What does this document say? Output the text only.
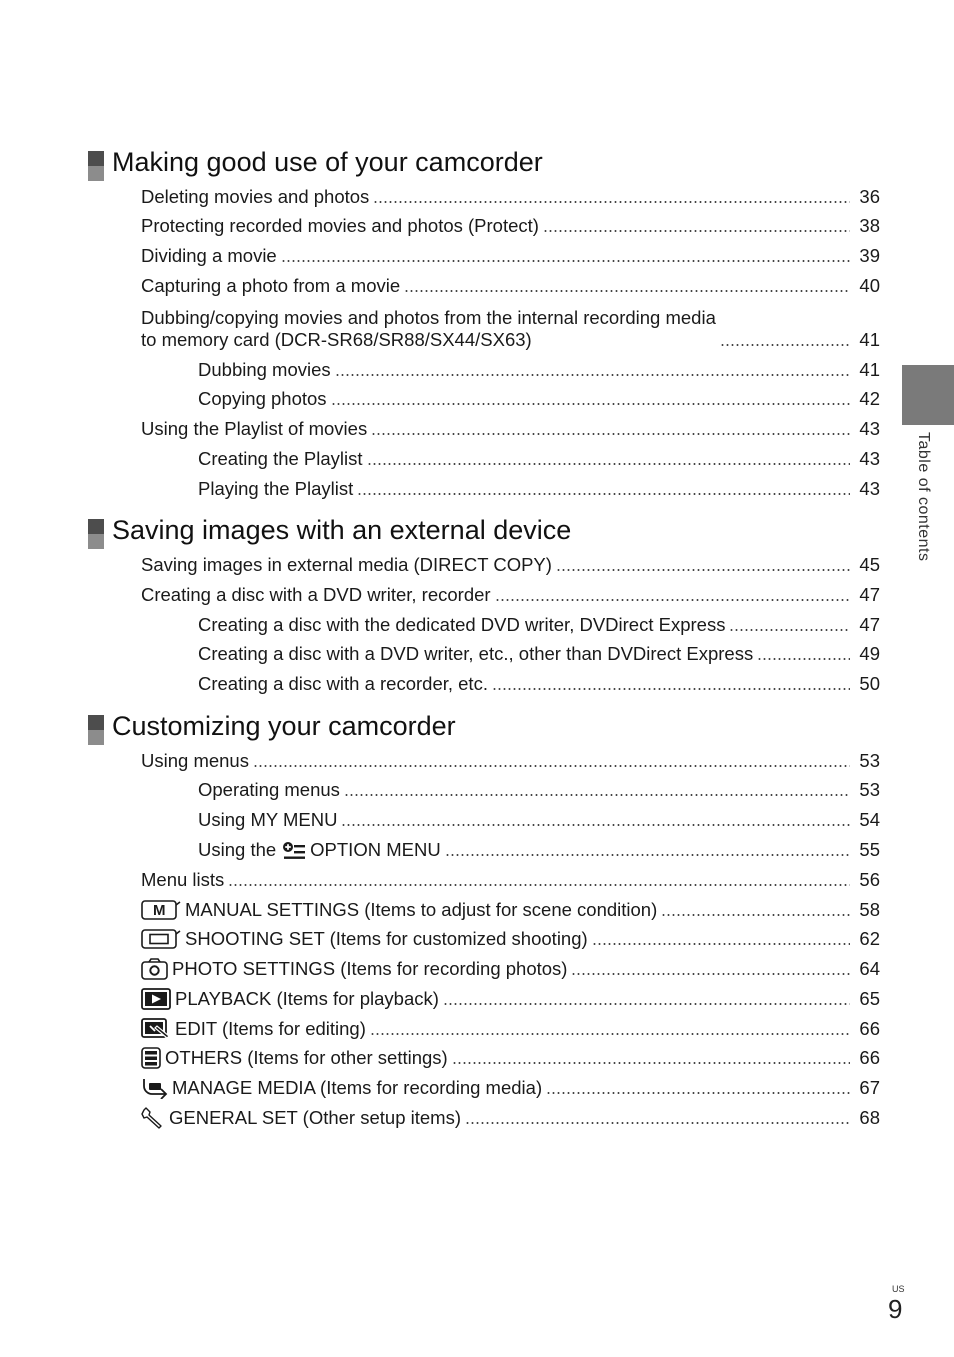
Making good use of your camcorder
Deleting movies and photos	36
Protecting recorded movies and photos (Protect)	38
Dividing a movie	39
Capturing a photo from a movie	40
Dubbing/copying movies and photos from the internal recording media
to memory card (DCR-SR68/SR88/SX44/SX63)	41
Dubbing movies	41
Copying photos	42
Using the Playlist of movies	43
Creating the Playlist	43
Playing the Playlist	43
Saving images with an external device
Saving images in external media (DIRECT COPY)	45
Creating a disc with a DVD writer, recorder	47
Creating a disc with the dedicated DVD writer, DVDirect Express	47
Creating a disc with a DVD writer, etc., other than DVDirect Express	49
Creating a disc with a recorder, etc.	50
Customizing your camcorder
Using menus	53
Operating menus	53
Using MY MENU	54
Using the OPTION MENU	55
Menu lists	56
M MANUAL SETTINGS (Items to adjust for scene condition)	58
SHOOTING SET (Items for customized shooting)	62
PHOTO SETTINGS (Items for recording photos)	64
PLAYBACK (Items for playback)	65
EDIT (Items for editing)	66
OTHERS (Items for other settings)	66
MANAGE MEDIA (Items for recording media)	67
GENERAL SET (Other setup items)	68
Table of contents
US
9
